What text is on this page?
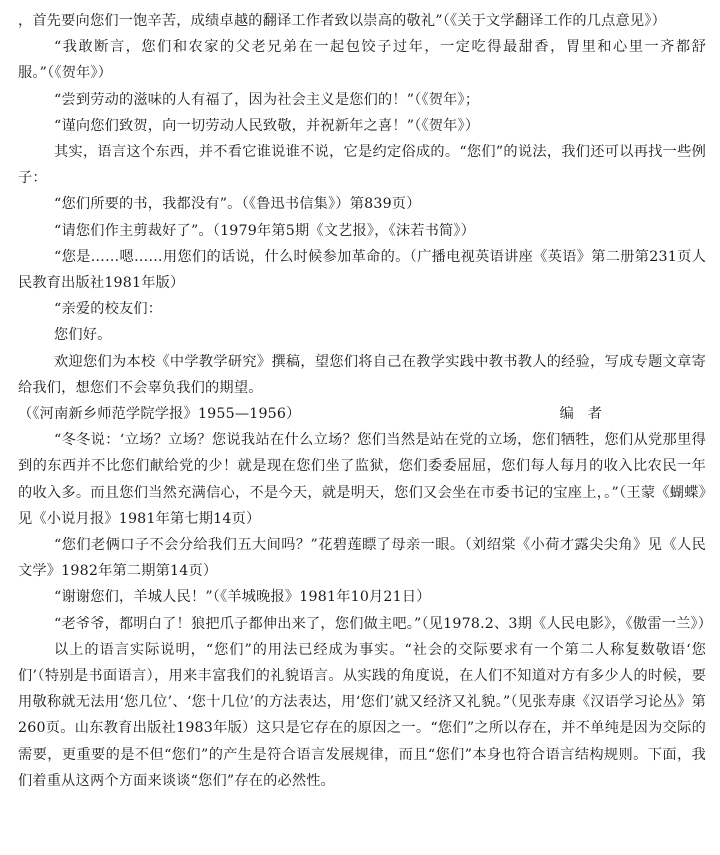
，首先要向您们一饱辛苦，成绩卓越的翻译工作者致以崇高的敬礼”（《关于文学翻译工作的几点意见》）

“我敢断言，您们和农家的父老兄弟在一起包饺子过年，一定吃得最甜香，胃里和心里一齐都舒服。”（《贺年》）

“尝到劳动的滋味的人有福了，因为社会主义是您们的！”（《贺年》；

“谨向您们致贺，向一切劳动人民致敬，并祝新年之喜！”（《贺年》）

其实，语言这个东西，并不看它谁说谁不说，它是约定俗成的。“您们”的说法，我们还可以再找一些例子：

“您们所要的书，我都没有”。（《鲁迅书信集》）第839页）

“请您们作主剪裁好了”。（1979年第5期《文艺报》，《沫若书简》）

“您是……嗯……用您们的话说，什么时候参加革命的。（广播电视英语讲座《英语》第二册第231页人民教育出版社1981年版）

“亲爱的校友们：

您们好。

欢迎您们为本校《中学教学研究》撰稿，望您们将自己在教学实践中教书教人的经验，写成专题文章寄给我们，想您们不会辜负我们的期望。

（《河南新乡师范学院学报》1955—1956）	编者

“冬冬说：‘立场？立场？您说我站在什么立场？您们当然是站在党的立场，您们牺牲，您们从党那里得到的东西并不比您们献给党的少！就是现在您们坐了监狱，您们委委屈屈，您们每人每月的收入比农民一年的收入多。而且您们当然充满信心，不是今天，就是明天，您们又会坐在市委书记的宝座上，。”（王蒙《蝴蝶》见《小说月报》1981年第七期14页）

“您们老俩口子不会分给我们五大间吗？”花碧莲瞟了母亲一眼。（刘绍棠《小荷才露尖尖角》见《人民文学》1982年第二期第14页）

“谢谢您们，羊城人民！”（《羊城晚报》1981年10月21日）

“老爷爷，都明白了！狼把爪子都伸出来了，您们做主吧。”（见1978.2、3期《人民电影》，《傲雷一兰》）

以上的语言实际说明，“您们”的用法已经成为事实。“社会的交际要求有一个第二人称复数敬语‘您们’（特别是书面语言），用来丰富我们的礼貌语言。从实践的角度说，在人们不知道对方有多少人的时候，要用敬称就无法用‘您几位’、‘您十几位’的方法表达，用‘您们’就又经济又礼貌。”（见张寿康《汉语学习论丛》第260页。山东教育出版社1983年版）这只是它存在的原因之一。“您们”之所以存在，并不单纯是因为交际的需要，更重要的是不但“您们”的产生是符合语言发展规律，而且“您们”本身也符合语言结构规则。下面，我们着重从这两个方面来谈谈“您们”存在的必然性。
